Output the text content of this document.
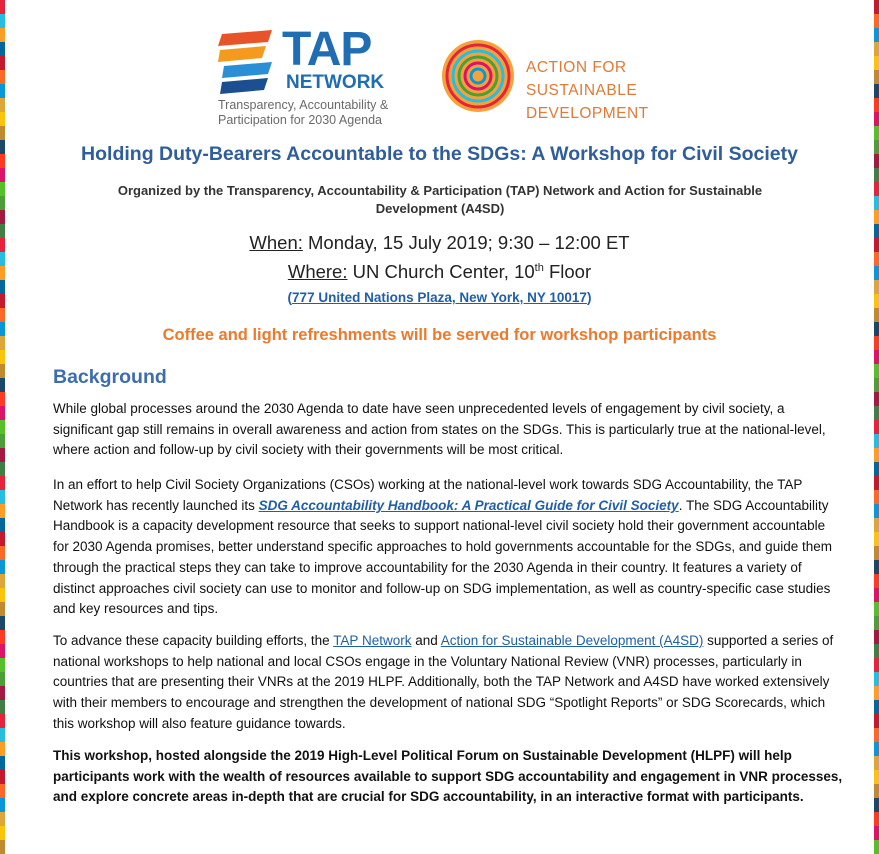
TAP
NETWORK
Transparency, Accountability &
Participation for 2030 Agenda
ACTION FOR SUSTAINABLE
DEVELOPMENT
Holding Duty-Bearers Accountable to the SDGs: A Workshop for Civil Society
Organized by the Transparency, Accountability & Participation (TAP) Network and Action for Sustainable
Development (A4SD)
When: Monday, 15 July 2019; 9:30 – 12:00 ET
Where: UN Church Center, 10th Floor
(777 United Nations Plaza, New York, NY 10017)
Coffee and light refreshments will be served for workshop participants
Background
While global processes around the 2030 Agenda to date have seen unprecedented levels of engagement by civil society, a significant gap still remains in overall awareness and action from states on the SDGs. This is particularly true at the national-level, where action and follow-up by civil society with their governments will be most critical.
In an effort to help Civil Society Organizations (CSOs) working at the national-level work towards SDG Accountability, the TAP Network has recently launched its SDG Accountability Handbook: A Practical Guide for Civil Society. The SDG Accountability Handbook is a capacity development resource that seeks to support national-level civil society hold their government accountable for 2030 Agenda promises, better understand specific approaches to hold governments accountable for the SDGs, and guide them through the practical steps they can take to improve accountability for the 2030 Agenda in their country. It features a variety of distinct approaches civil society can use to monitor and follow-up on SDG implementation, as well as country-specific case studies and key resources and tips.
To advance these capacity building efforts, the TAP Network and Action for Sustainable Development (A4SD) supported a series of national workshops to help national and local CSOs engage in the Voluntary National Review (VNR) processes, particularly in countries that are presenting their VNRs at the 2019 HLPF. Additionally, both the TAP Network and A4SD have worked extensively with their members to encourage and strengthen the development of national SDG “Spotlight Reports” or SDG Scorecards, which this workshop will also feature guidance towards.
This workshop, hosted alongside the 2019 High-Level Political Forum on Sustainable Development (HLPF) will help participants work with the wealth of resources available to support SDG accountability and engagement in VNR processes, and explore concrete areas in-depth that are crucial for SDG accountability, in an interactive format with participants.
